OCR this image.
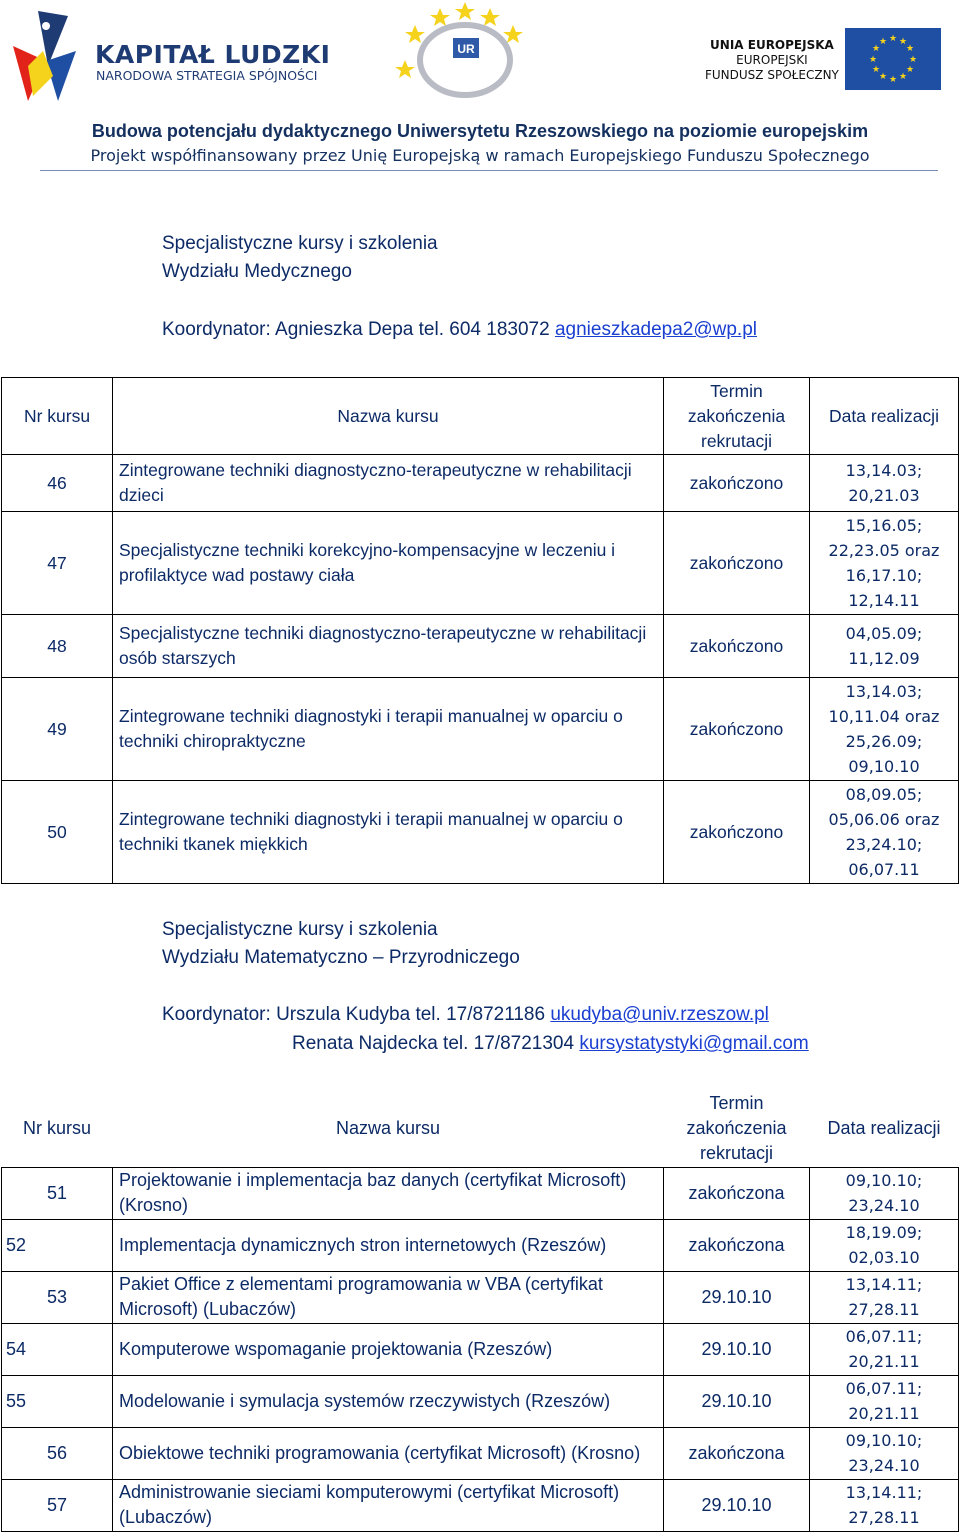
KAPITAŁ LUDZKI
NARODOWA STRATEGIA SPÓJNOŚCI
UR	UNIA EUROPEJSKA
EUROPEJSKI
FUNDUSZ SPOŁECZNY
★ ★
★
★
★
★
★
★
★
★
★
★
Budowa potencjału dydaktycznego Uniwersytetu Rzeszowskiego na poziomie europejskim
Projekt współfinansowany przez Unię Europejską w ramach Europejskiego Funduszu Społecznego
Specjalistyczne kursy i szkolenia
Wydziału Medycznego
Koordynator: Agnieszka Depa tel. 604 183072 agnieszkadepa2@wp.pl
Nr kursu	Nazwa kursu	Termin zakończenia rekrutacji	Data realizacji
46	Zintegrowane techniki diagnostyczno-terapeutyczne w rehabilitacji dzieci	zakończono	13,14.03; 20,21.03
47	Specjalistyczne techniki korekcyjno-kompensacyjne w leczeniu i profilaktyce wad postawy ciała	zakończono	15,16.05; 22,23.05 oraz 16,17.10; 12,14.11
48	Specjalistyczne techniki diagnostyczno-terapeutyczne w rehabilitacji osób starszych	zakończono	04,05.09; 11,12.09
49	Zintegrowane techniki diagnostyki i terapii manualnej w oparciu o techniki chiropraktyczne	zakończono	13,14.03; 10,11.04 oraz 25,26.09; 09,10.10
50	Zintegrowane techniki diagnostyki i terapii manualnej w oparciu o techniki tkanek miękkich	zakończono	08,09.05; 05,06.06 oraz 23,24.10; 06,07.11
Specjalistyczne kursy i szkolenia
Wydziału Matematyczno – Przyrodniczego
Koordynator: Urszula Kudyba tel. 17/8721186 ukudyba@univ.rzeszow.pl
Renata Najdecka tel. 17/8721304 kursystatystyki@gmail.com
Nr kursu	Nazwa kursu	Termin zakończenia rekrutacji	Data realizacji
51	Projektowanie i implementacja baz danych (certyfikat Microsoft) (Krosno)	zakończona	09,10.10; 23,24.10
52	Implementacja dynamicznych stron internetowych (Rzeszów)	zakończona	18,19.09; 02,03.10
53	Pakiet Office z elementami programowania w VBA (certyfikat Microsoft) (Lubaczów)	29.10.10	13,14.11; 27,28.11
54	Komputerowe wspomaganie projektowania (Rzeszów)	29.10.10	06,07.11; 20,21.11
55	Modelowanie i symulacja systemów rzeczywistych (Rzeszów)	29.10.10	06,07.11; 20,21.11
56	Obiektowe techniki programowania (certyfikat Microsoft) (Krosno)	zakończona	09,10.10; 23,24.10
57	Administrowanie sieciami komputerowymi (certyfikat Microsoft) (Lubaczów)	29.10.10	13,14.11; 27,28.11
